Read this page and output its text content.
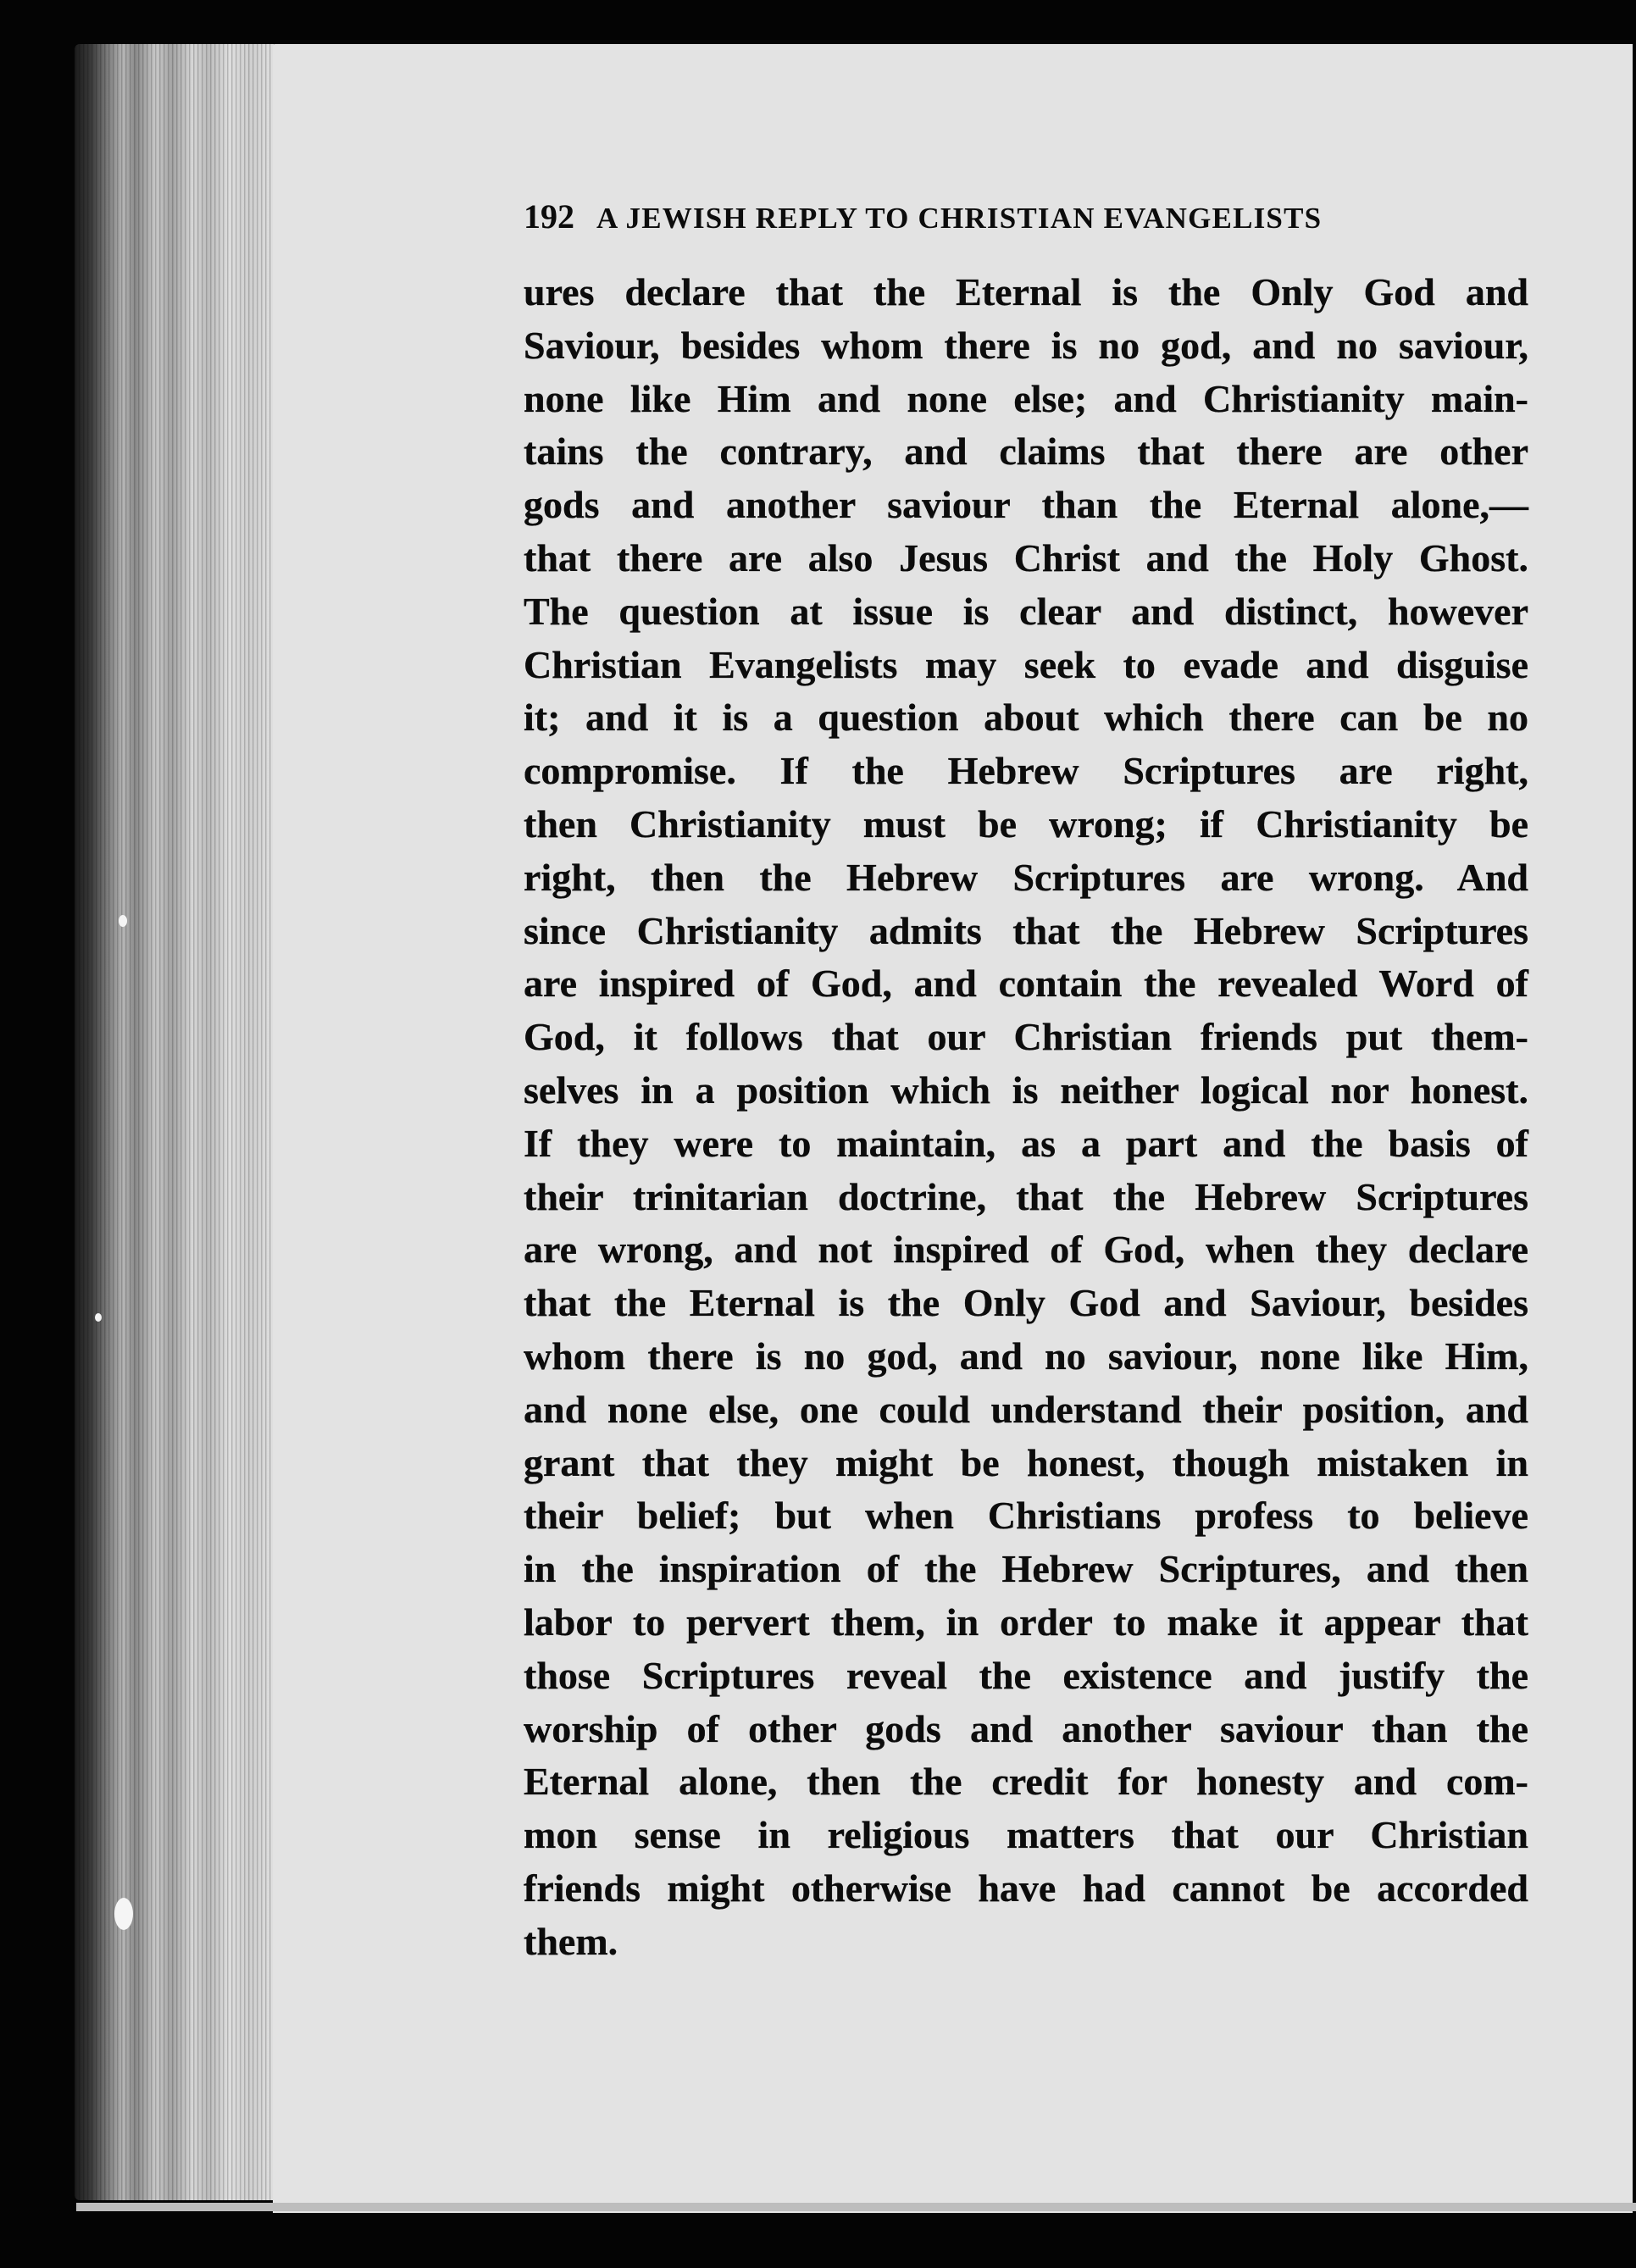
192 A JEWISH REPLY TO CHRISTIAN EVANGELISTS
ures declare that the Eternal is the Only God and
Saviour, besides whom there is no god, and no saviour,
none like Him and none else; and Christianity main-
tains the contrary, and claims that there are other
gods and another saviour than the Eternal alone,—
that there are also Jesus Christ and the Holy Ghost.
The question at issue is clear and distinct, however
Christian Evangelists may seek to evade and disguise
it; and it is a question about which there can be no
compromise. If the Hebrew Scriptures are right,
then Christianity must be wrong; if Christianity be
right, then the Hebrew Scriptures are wrong. And
since Christianity admits that the Hebrew Scriptures
are inspired of God, and contain the revealed Word of
God, it follows that our Christian friends put them-
selves in a position which is neither logical nor honest.
If they were to maintain, as a part and the basis of
their trinitarian doctrine, that the Hebrew Scriptures
are wrong, and not inspired of God, when they declare
that the Eternal is the Only God and Saviour, besides
whom there is no god, and no saviour, none like Him,
and none else, one could understand their position, and
grant that they might be honest, though mistaken in
their belief; but when Christians profess to believe
in the inspiration of the Hebrew Scriptures, and then
labor to pervert them, in order to make it appear that
those Scriptures reveal the existence and justify the
worship of other gods and another saviour than the
Eternal alone, then the credit for honesty and com-
mon sense in religious matters that our Christian
friends might otherwise have had cannot be accorded
them.
